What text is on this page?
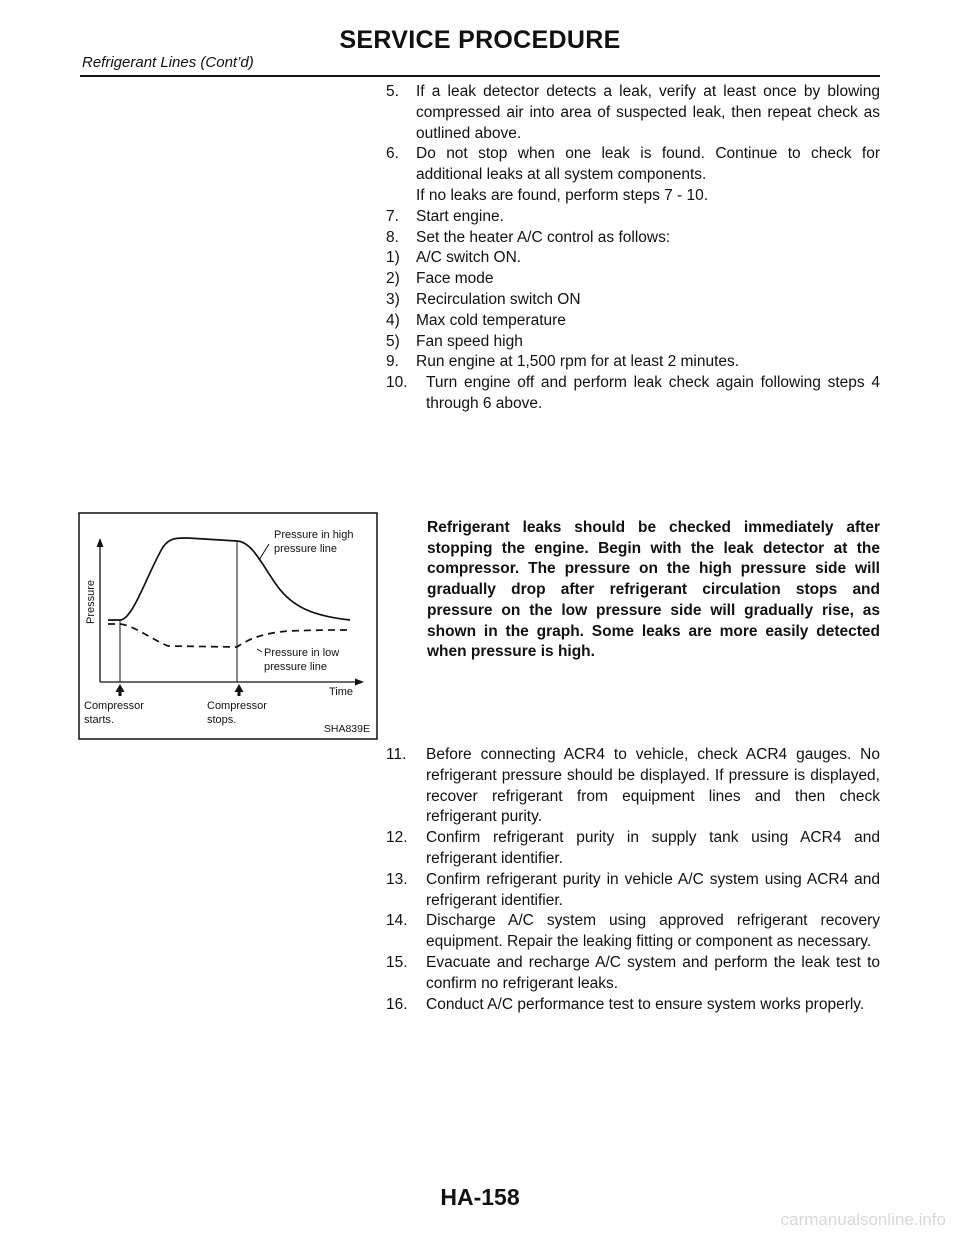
SERVICE PROCEDURE
Refrigerant Lines (Cont’d)
5.	If a leak detector detects a leak, verify at least once by blowing compressed air into area of suspected leak, then repeat check as outlined above.
6.	Do not stop when one leak is found. Continue to check for additional leaks at all system components.
If no leaks are found, perform steps 7 - 10.
7.	Start engine.
8.	Set the heater A/C control as follows:
1)	A/C switch ON.
2)	Face mode
3)	Recirculation switch ON
4)	Max cold temperature
5)	Fan speed high
9.	Run engine at 1,500 rpm for at least 2 minutes.
10.	Turn engine off and perform leak check again following steps 4 through 6 above.
Pressure
Time
Pressure in high
pressure line
Pressure in low
pressure line
Compressor
starts.
Compressor
stops.
SHA839E
Refrigerant leaks should be checked immediately after stopping the engine. Begin with the leak detector at the compressor. The pressure on the high pressure side will gradually drop after refrigerant circulation stops and pressure on the low pressure side will gradually rise, as shown in the graph. Some leaks are more easily detected when pressure is high.
11.	Before connecting ACR4 to vehicle, check ACR4 gauges. No refrigerant pressure should be displayed. If pressure is displayed, recover refrigerant from equipment lines and then check refrigerant purity.
12.	Confirm refrigerant purity in supply tank using ACR4 and refrigerant identifier.
13.	Confirm refrigerant purity in vehicle A/C system using ACR4 and refrigerant identifier.
14.	Discharge A/C system using approved refrigerant recovery equipment. Repair the leaking fitting or component as necessary.
15.	Evacuate and recharge A/C system and perform the leak test to confirm no refrigerant leaks.
16.	Conduct A/C performance test to ensure system works properly.
HA-158
carmanualsonline.info
